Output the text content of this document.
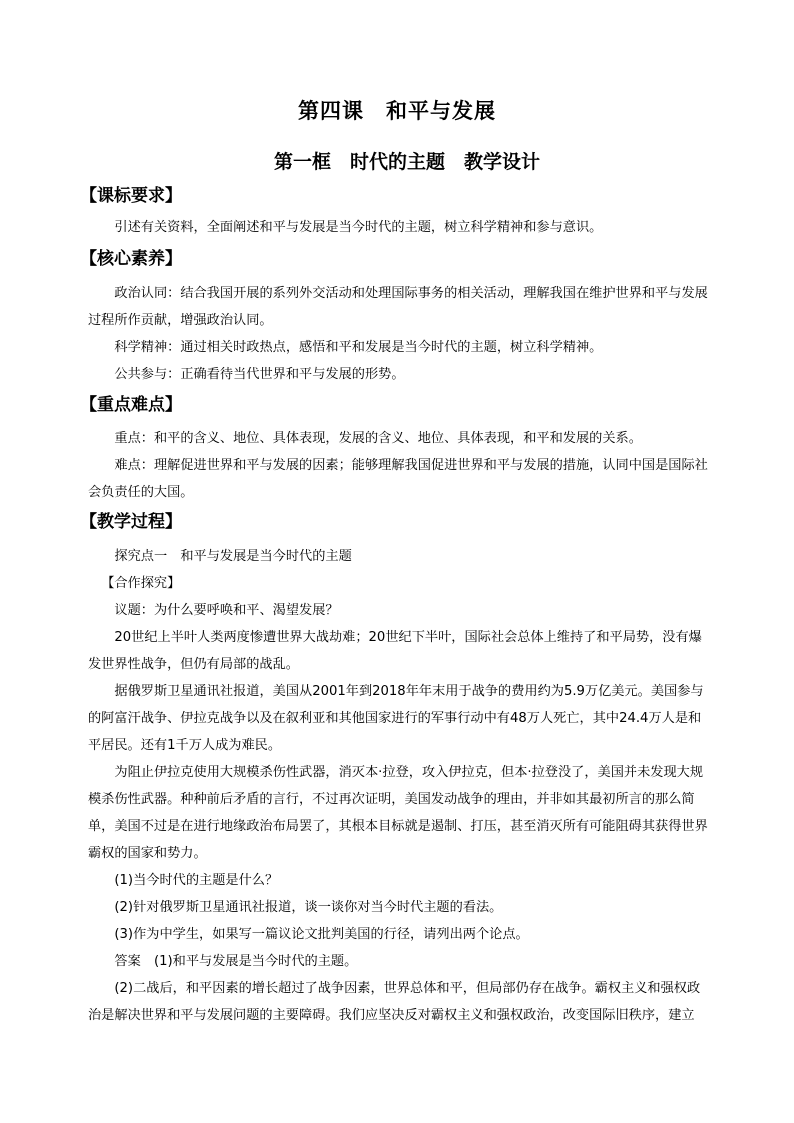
第四课　和平与发展
第一框　时代的主题　教学设计
【课标要求】

引述有关资料，全面阐述和平与发展是当今时代的主题，树立科学精神和参与意识。

【核心素养】

政治认同：结合我国开展的系列外交活动和处理国际事务的相关活动，理解我国在维护世界和平与发展过程所作贡献，增强政治认同。

科学精神：通过相关时政热点，感悟和平和发展是当今时代的主题，树立科学精神。

公共参与：正确看待当代世界和平与发展的形势。

【重点难点】

重点：和平的含义、地位、具体表现，发展的含义、地位、具体表现，和平和发展的关系。

难点：理解促进世界和平与发展的因素；能够理解我国促进世界和平与发展的措施，认同中国是国际社会负责任的大国。

【教学过程】

探究点一　和平与发展是当今时代的主题

【合作探究】

议题：为什么要呼唤和平、渴望发展？

20世纪上半叶人类两度惨遭世界大战劫难；20世纪下半叶，国际社会总体上维持了和平局势，没有爆发世界性战争，但仍有局部的战乱。

据俄罗斯卫星通讯社报道，美国从2001年到2018年年末用于战争的费用约为5.9万亿美元。美国参与的阿富汗战争、伊拉克战争以及在叙利亚和其他国家进行的军事行动中有48万人死亡，其中24.4万人是和平居民。还有1千万人成为难民。

为阻止伊拉克使用大规模杀伤性武器，消灭本·拉登，攻入伊拉克，但本·拉登没了，美国并未发现大规模杀伤性武器。种种前后矛盾的言行，不过再次证明，美国发动战争的理由，并非如其最初所言的那么简单，美国不过是在进行地缘政治布局罢了，其根本目标就是遏制、打压，甚至消灭所有可能阻碍其获得世界霸权的国家和势力。

(1)当今时代的主题是什么？

(2)针对俄罗斯卫星通讯社报道，谈一谈你对当今时代主题的看法。

(3)作为中学生，如果写一篇议论文批判美国的行径，请列出两个论点。

答案　(1)和平与发展是当今时代的主题。

(2)二战后，和平因素的增长超过了战争因素，世界总体和平，但局部仍存在战争。霸权主义和强权政治是解决世界和平与发展问题的主要障碍。我们应坚决反对霸权主义和强权政治，改变国际旧秩序，建立
